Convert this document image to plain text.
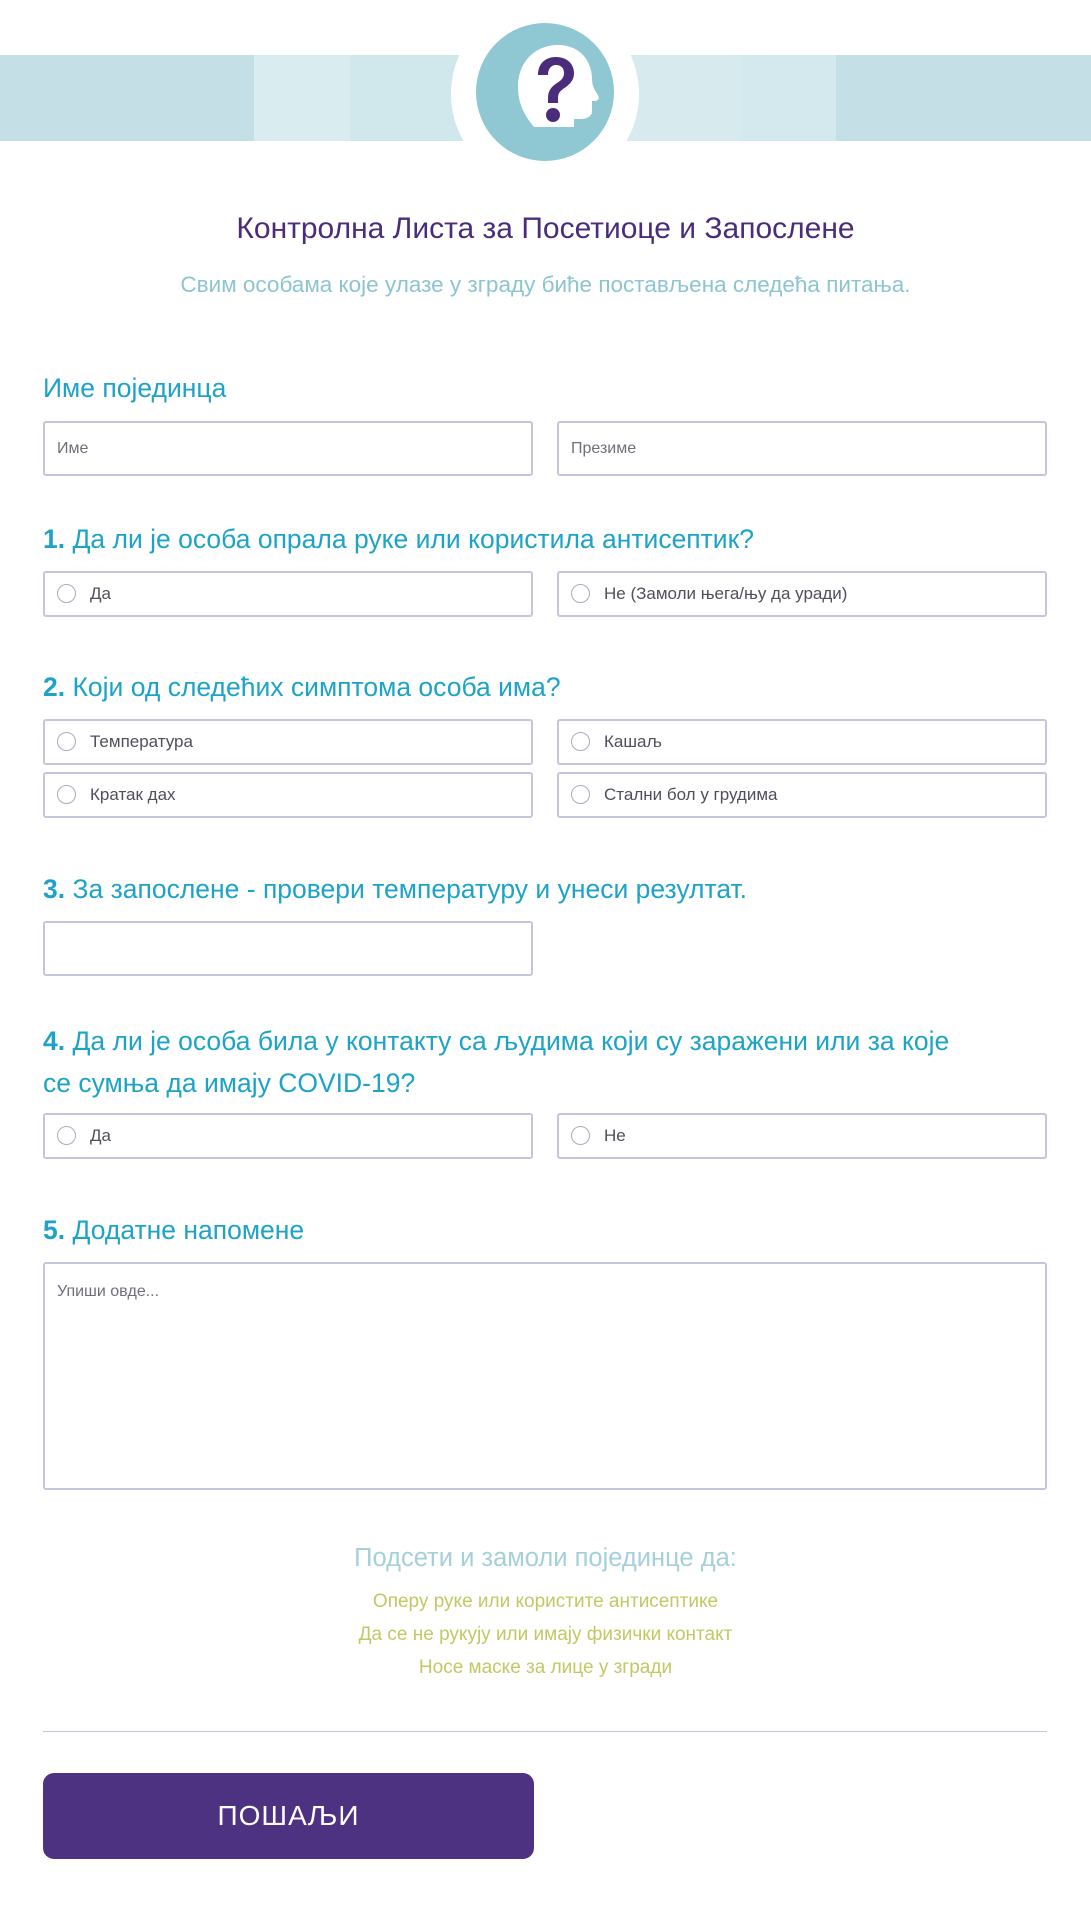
Контролна Листа за Посетиоце и Запослене
Свим особама које улазе у зграду биће постављена следећа питања.
Име појединца
Име	Презиме
1. Да ли је особа опрала руке или користила антисептик?
Да	Не (Замоли њега/њу да уради)
2. Који од следећих симптома особа има?
Температура	Кашаљ
Кратак дах	Стални бол у грудима
3. За запослене - провери температуру и унеси резултат.
4. Да ли је особа била у контакту са људима који су заражени или за које
се сумња да имају COVID-19?
Да	Не
5. Додатне напомене
Упиши овде...
Подсети и замоли појединце да:
Оперу руке или користите антисептике
Да се не рукују или имају физички контакт
Носе маске за лице у згради
ПОШАЉИ
